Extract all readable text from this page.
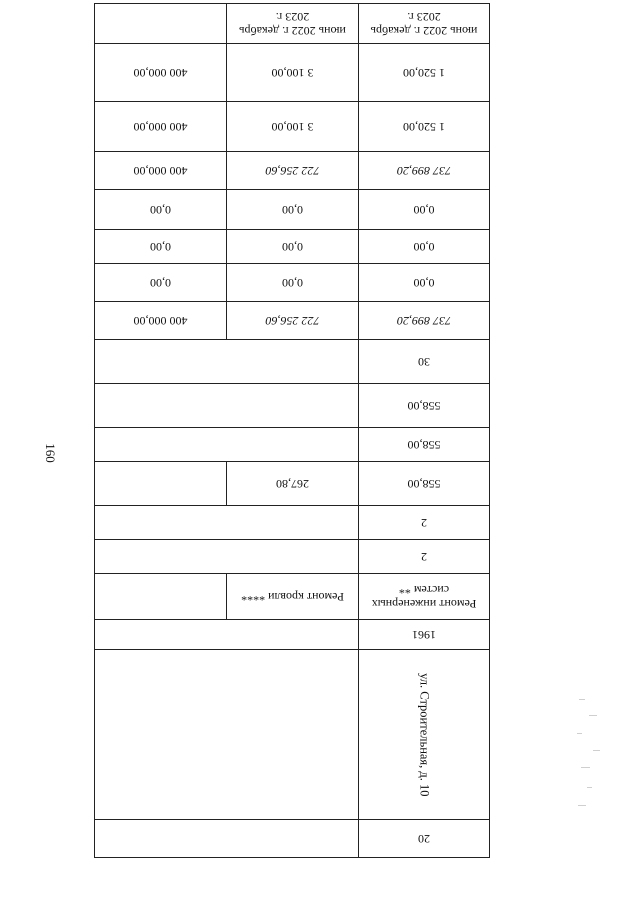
160
20		

ул. Строительная, д. 10		

1961		
Ремонт инженерных систем **	Ремонт кровли ****	
2		
2		
558,00	267,80	
558,00		
558,00		
30		
737 899,20	722 256,60	400 000,00
0,00	0,00	0,00
0,00	0,00	0,00
0,00	0,00	0,00
737 899,20	722 256,60	400 000,00
1 520,00	3 100,00	400 000,00
1 520,00	3 100,00	400 000,00
июнь 2022 г. декабрь 2023 г.	июнь 2022 г. декабрь 2023 г.	
